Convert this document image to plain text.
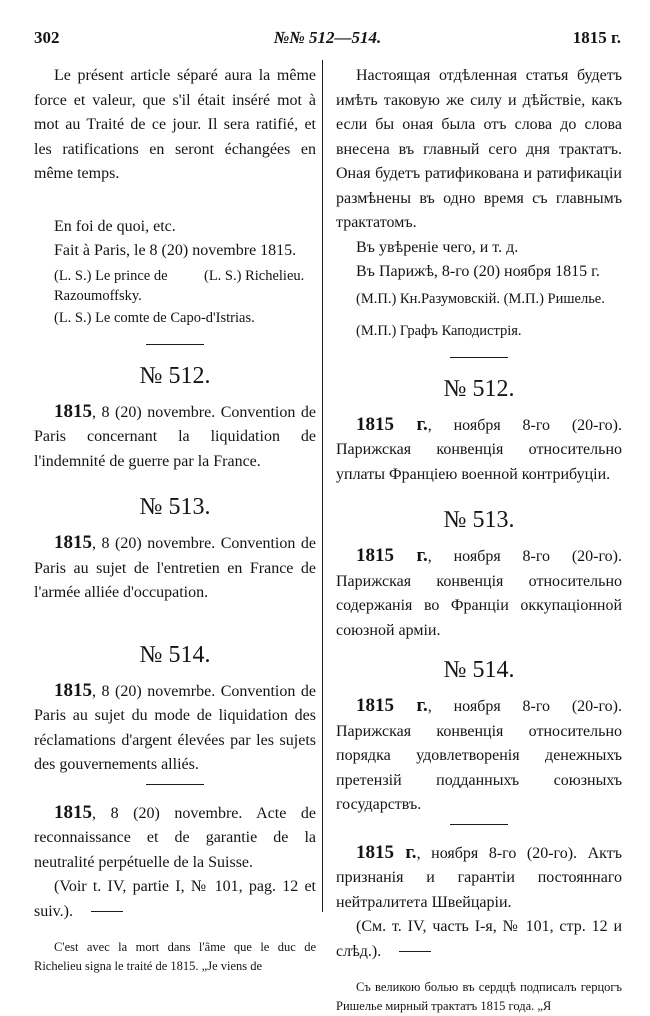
302	№№ 512—514.	1815 г.

Le présent article séparé aura la même force et valeur, que s'il était inséré mot à mot au Traité de ce jour. Il sera ratifié, et les ratifications en seront échangées en même temps.

En foi de quoi, etc.

Fait à Paris, le 8 (20) novembre 1815.

(L. S.) Le prince de Razoumoffsky.
(L. S.) Richelieu.
(L. S.) Le comte de Capo-d'Istrias.
№ 512.

1815, 8 (20) novembre. Convention de Paris concernant la liquidation de l'indemnité de guerre par la France.

№ 513.

1815, 8 (20) novembre. Convention de Paris au sujet de l'entretien en France de l'armée alliée d'occupation.

№ 514.

1815, 8 (20) novemrbe. Convention de Paris au sujet du mode de liquidation des réclamations d'argent élevées par les sujets des gouvernements alliés.

1815, 8 (20) novembre. Acte de reconnaissance et de garantie de la neutralité perpétuelle de la Suisse.

(Voir t. IV, partie I, № 101, pag. 12 et suiv.).

C'est avec la mort dans l'âme que le duc de Richelieu signa le traité de 1815. „Je viens de

Настоящая отдѣленная статья будетъ имѣть таковую же силу и дѣйствіе, какъ если бы оная была отъ слова до слова внесена въ главный сего дня трактатъ. Оная будетъ ратификована и ратификаціи размѣнены въ одно время съ главнымъ трактатомъ.

Въ увѣреніе чего, и т. д.

Въ Парижѣ, 8-го (20) ноября 1815 г.

(М.П.) Кн.Разумовскій. (М.П.) Ришелье.
(М.П.) Графъ Каподистрія.
№ 512.

1815 г., ноября 8-го (20-го). Парижская конвенція относительно уплаты Франціею военной контрибуціи.

№ 513.

1815 г., ноября 8-го (20-го). Парижская конвенція относительно содержанія во Франціи оккупаціонной союзной арміи.

№ 514.

1815 г., ноября 8-го (20-го). Парижская конвенція относительно порядка удовлетворенія денежныхъ претензій подданныхъ союзныхъ государствъ.

1815 г., ноября 8-го (20-го). Актъ признанія и гарантіи постояннаго нейтралитета Швейцаріи.

(См. т. IV, часть I-я, № 101, стр. 12 и слѣд.).

Съ великою болью въ сердцѣ подписалъ герцогъ Ришелье мирный трактатъ 1815 года. „Я
